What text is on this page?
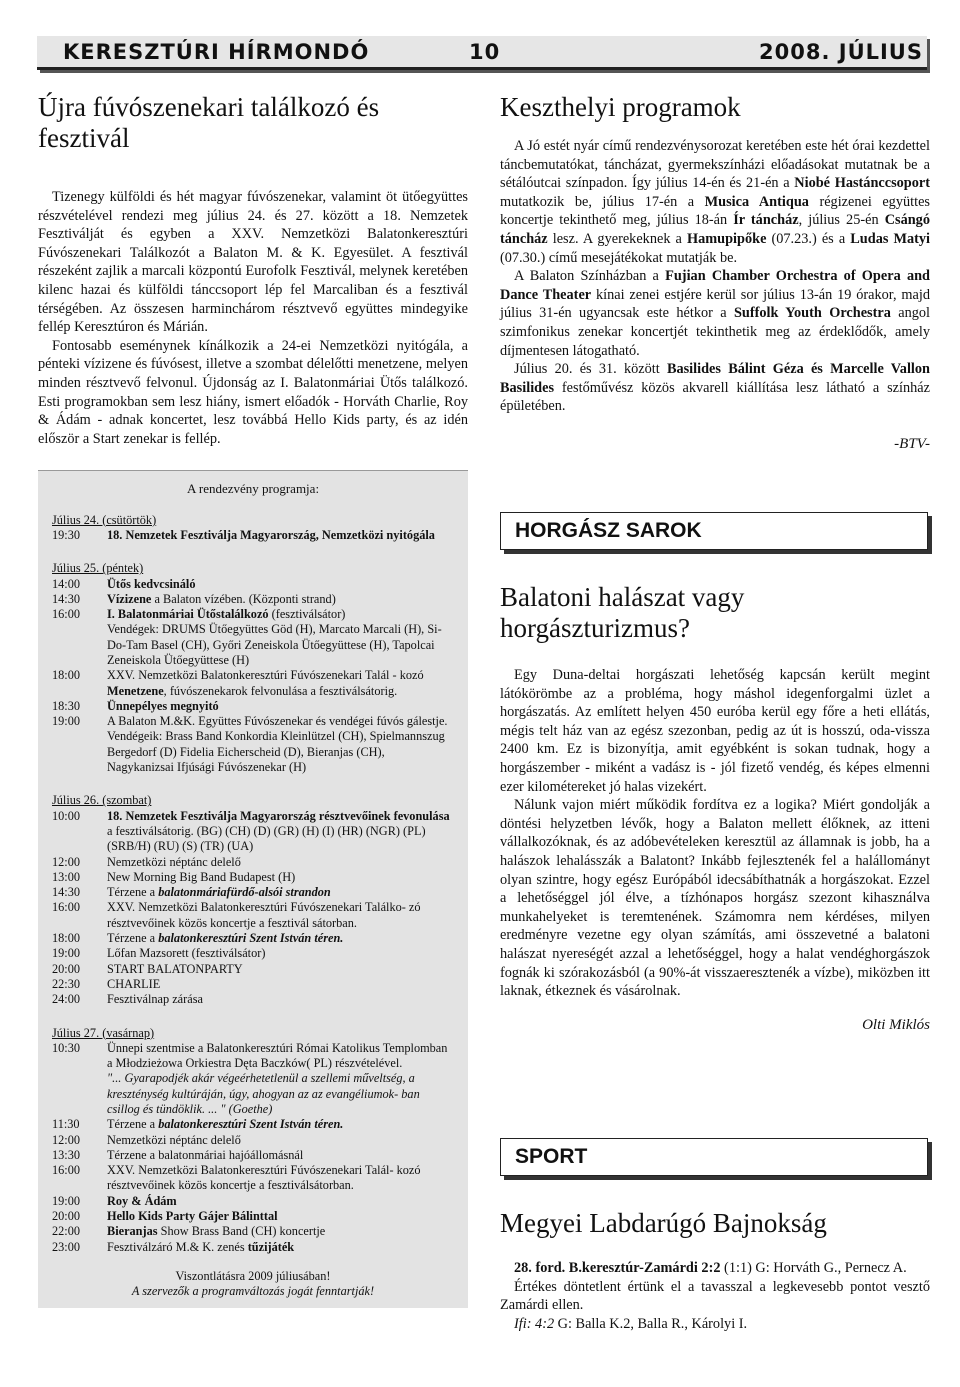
KERESZTÚRI HÍRMONDÓ	10	2008. JÚLIUS
Újra fúvószenekari találkozó és fesztivál

Tizenegy külföldi és hét magyar fúvószenekar, valamint öt ütőegyüttes részvételével rendezi meg július 24. és 27. között a 18. Nemzetek Fesztiválját és egyben a XXV. Nemzetközi Balatonkeresztúri Fúvószenekari Találkozót a Balaton M. & K. Egyesület. A fesztivál részeként zajlik a marcali központú Eurofolk Fesztivál, melynek keretében kilenc hazai és külföldi tánccsoport lép fel Marcaliban és a fesztivál térségében. Az összesen harminchárom résztvevő együttes mindegyike fellép Keresztúron és Márián.

Fontosabb eseménynek kínálkozik a 24-ei Nemzetközi nyitógála, a pénteki vízizene és fúvósest, illetve a szombat délelőtti menetzene, melyen minden résztvevő felvonul. Újdonság az I. Balatonmáriai Ütős találkozó. Esti programokban sem lesz hiány, ismert előadók - Horváth Charlie, Roy & Ádám - adnak koncertet, lesz továbbá Hello Kids party, és az idén először a Start zenekar is fellép.

A rendezvény programja:
Július 24. (csütörtök)
19:30	18. Nemzetek Fesztiválja Magyarország, Nemzetközi nyitógála
Július 25. (péntek)
14:00	Ütős kedvcsináló
14:30	Vízizene a Balaton vízében. (Központi strand)
16:00	I. Balatonmáriai Ütőstalálkozó (fesztiválsátor)
Vendégek: DRUMS Ütőegyüttes Göd (H), Marcato Marcali (H), Si-Do-Tam Basel (CH), Győri Zeneiskola Ütőegyüttese (H), Tapolcai Zeneiskola Ütőegyüttese (H)
18:00	XXV. Nemzetközi Balatonkeresztúri Fúvószenekari Talál - kozó
Menetzene, fúvószenekarok felvonulása a fesztiválsátorig.
18:30	Ünnepélyes megnyitó
19:00	A Balaton M.&K. Együttes Fúvószenekar és vendégei fúvós gálestje. Vendégeik: Brass Band Konkordia Kleinlützel (CH), Spielmannszug Bergedorf (D) Fidelia Eicherscheid (D), Bieranjas (CH), Nagykanizsai Ifjúsági Fúvószenekar (H)
Július 26. (szombat)
10:00	18. Nemzetek Fesztiválja Magyarország résztvevőinek fevonulása a fesztiválsátorig. (BG) (CH) (D) (GR) (H) (I) (HR) (NGR) (PL) (SRB/H) (RU) (S) (TR) (UA)
12:00	Nemzetközi néptánc delelő
13:00	New Morning Big Band Budapest (H)
14:30	Térzene a balatonmáriafürdő-alsói strandon
16:00	XXV. Nemzetközi Balatonkeresztúri Fúvószenekari Találko- zó résztvevőinek közös koncertje a fesztivál sátorban.
18:00	Térzene a balatonkeresztúri Szent István téren.
19:00	Lőfan Mazsorett (fesztiválsátor)
20:00	START BALATONPARTY
22:30	CHARLIE
24:00	Fesztiválnap zárása
Július 27. (vasárnap)
10:30	Ünnepi szentmise a Balatonkeresztúri Római Katolikus Templomban a Młodzieżowa Orkiestra Dęta Baczków( PL) részvételével.
"... Gyarapodjék akár végeérhetetlenül a szellemi műveltség, a kreszténység kultúráján, úgy, ahogyan az az evangéliumok- ban csillog és tündöklik. ... " (Goethe)
11:30	Térzene a balatonkeresztúri Szent István téren.
12:00	Nemzetközi néptánc delelő
13:30	Térzene a balatonmáriai hajóállomásnál
16:00	XXV. Nemzetközi Balatonkeresztúri Fúvószenekari Talál- kozó résztvevőinek közös koncertje a fesztiválsátorban.
19:00	Roy & Ádám
20:00	Hello Kids Party Gájer Bálinttal
22:00	Bieranjas Show Brass Band (CH) koncertje
23:00	Fesztiválzáró M.& K. zenés tűzijáték
Viszontlátásra 2009 júliusában!
A szervezők a programváltozás jogát fenntartják!
Keszthelyi programok

A Jó estét nyár című rendezvénysorozat keretében este hét órai kezdettel táncbemutatókat, táncházat, gyermekszínházi előadásokat mutatnak be a sétálóutcai színpadon. Így július 14-én és 21-én a Niobé Hastánccsoport mutatkozik be, július 17-én a Musica Antiqua régizenei együttes koncertje tekinthető meg, július 18-án Ír táncház, július 25-én Csángó táncház lesz. A gyerekeknek a Hamupipőke (07.23.) és a Ludas Matyi (07.30.) című mesejátékokat mutatják be.

A Balaton Színházban a Fujian Chamber Orchestra of Opera and Dance Theater kínai zenei estjére kerül sor július 13-án 19 órakor, majd július 31-én ugyancsak este hétkor a Suffolk Youth Orchestra angol szimfonikus zenekar koncertjét tekinthetik meg az érdeklődők, amely díjmentesen látogatható.

Július 20. és 31. között Basilides Bálint Géza és Marcelle Vallon Basilides festőművész közös akvarell kiállítása lesz látható a színház épületében.

-BTV-
HORGÁSZ SAROK
Balatoni halászat vagy horgászturizmus?

Egy Duna-deltai horgászati lehetőség kapcsán került megint látókörömbe az a probléma, hogy máshol idegenforgalmi üzlet a horgászatás. Az említett helyen 450 euróba kerül egy főre a heti ellátás, mégis telt ház van az egész szezonban, pedig az út is hosszú, oda-vissza 2400 km. Ez is bizonyítja, amit egyébként is sokan tudnak, hogy a horgászember - miként a vadász is - jól fizető vendég, és képes elmenni ezer kilométereket jó halas vizekért.

Nálunk vajon miért működik fordítva ez a logika? Miért gondolják a döntési helyzetben lévők, hogy a Balaton mellett élőknek, az itteni vállalkozóknak, és az adóbevételeken keresztül az államnak is jobb, ha a halászok lehalásszák a Balatont? Inkább fejlesztenék fel a halállományt olyan szintre, hogy egész Európából idecsábíthatnák a horgászokat. Ezzel a lehetőséggel jól élve, a tízhónapos horgász szezont kihasználva munkahelyeket is teremtenének. Számomra nem kérdéses, milyen eredményre vezetne egy olyan számítás, ami összevetné a balatoni halászat nyereségét azzal a lehetőséggel, hogy a halat vendéghorgászok fognák ki szórakozásból (a 90%-át visszaeresztenék a vízbe), miközben itt laknak, étkeznek és vásárolnak.

Olti Miklós
SPORT
Megyei Labdarúgó Bajnokság

28. ford. B.keresztúr-Zamárdi 2:2 (1:1) G: Horváth G., Pernecz A.

Értékes döntetlent értünk el a tavasszal a legkevesebb pontot vesztő Zamárdi ellen.

Ifi: 4:2 G: Balla K.2, Balla R., Károlyi I.
